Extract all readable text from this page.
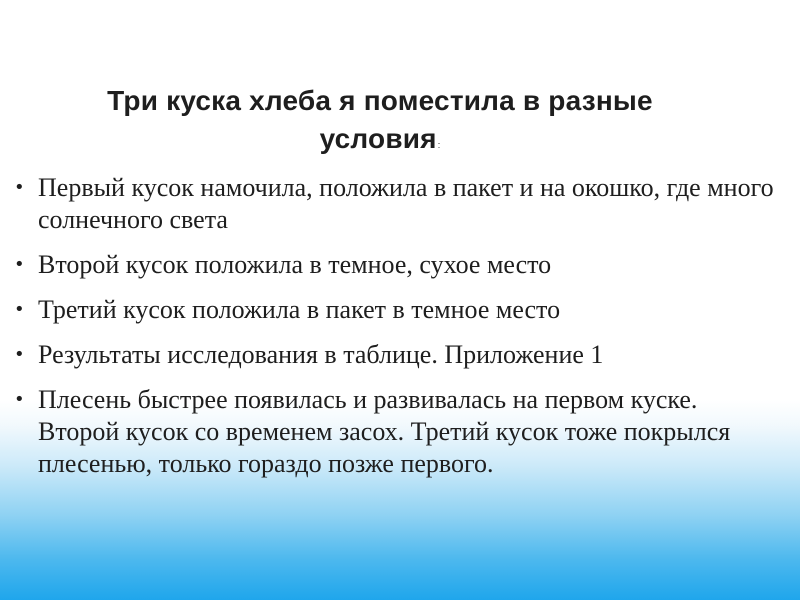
Три куска хлеба я поместила в разные условия:
• Первый кусок намочила, положила в пакет и на окошко, где много солнечного света
• Второй кусок положила в темное, сухое место
• Третий кусок положила в пакет в темное место
• Результаты исследования в таблице. Приложение 1
• Плесень быстрее появилась и развивалась на первом куске. Второй кусок со временем засох. Третий кусок тоже покрылся плесенью, только гораздо позже первого.
